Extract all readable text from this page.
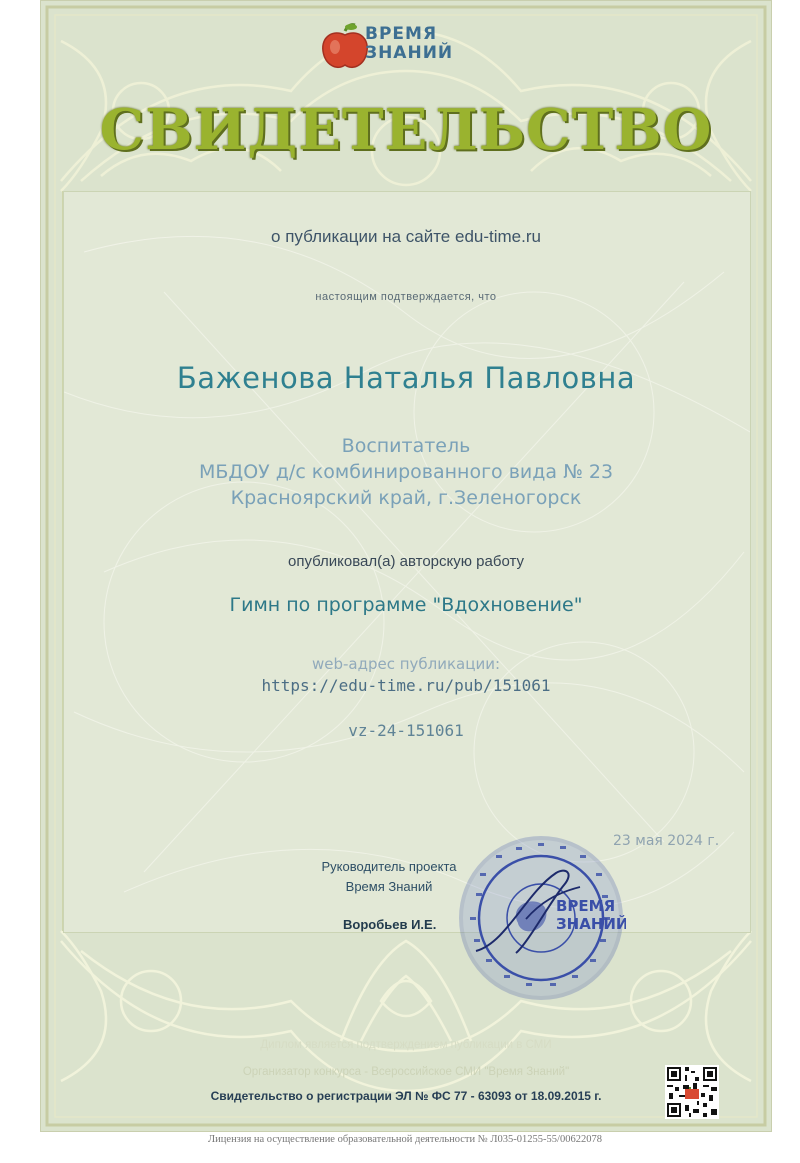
ВРЕМЯ
ЗНАНИЙ
СВИДЕТЕЛЬСТВО
о публикации на сайте edu-time.ru
настоящим подтверждается, что
Баженова Наталья Павловна
Воспитатель
МБДОУ д/с комбинированного вида № 23
Красноярский край, г.Зеленогорск
опубликовал(а) авторскую работу
Гимн по программе "Вдохновение"
web-адрес публикации:
https://edu-time.ru/pub/151061
vz-24-151061
23 мая 2024 г.
Руководитель проекта
Время Знаний
Воробьев И.Е.
ВРЕМЯ
ЗНАНИЙ
Диплом является подтверждением публикации в СМИ
Организатор конкурса - Всероссийское СМИ "Время Знаний"
Свидетельство о регистрации ЭЛ № ФС 77 - 63093 от 18.09.2015 г.
Лицензия на осуществление образовательной деятельности № Л035-01255-55/00622078
